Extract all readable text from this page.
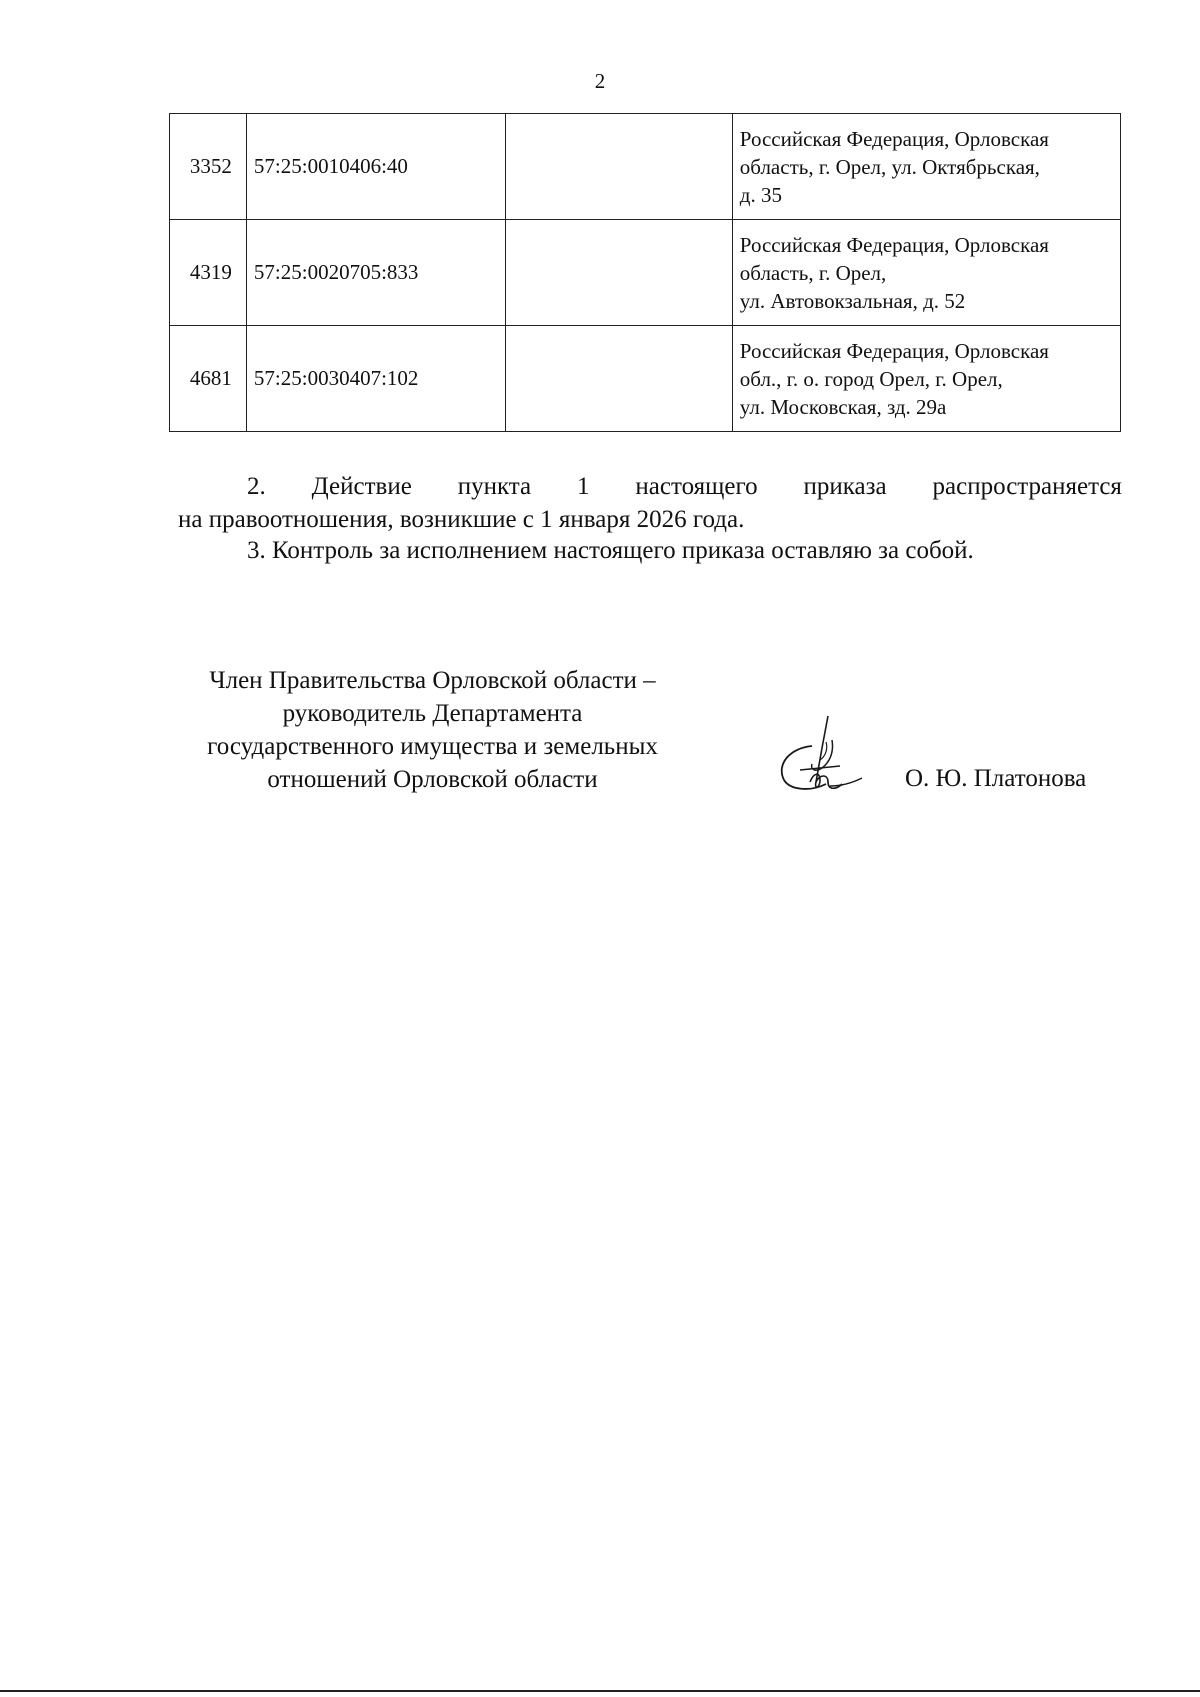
2
3352	57:25:0010406:40		Российская Федерация, Орловская
область, г. Орел, ул. Октябрьская,
д. 35

4319	57:25:0020705:833		Российская Федерация, Орловская
область, г. Орел,
ул. Автовокзальная, д. 52

4681	57:25:0030407:102		Российская Федерация, Орловская
обл., г. о. город Орел, г. Орел,
ул. Московская, зд. 29а
2. Действие пункта 1 настоящего приказа распространяется
на правоотношения, возникшие с 1 января 2026 года.
3. Контроль за исполнением настоящего приказа оставляю за собой.
Член Правительства Орловской области –
руководитель Департамента
государственного имущества и земельных
отношений Орловской области	О. Ю. Платонова
